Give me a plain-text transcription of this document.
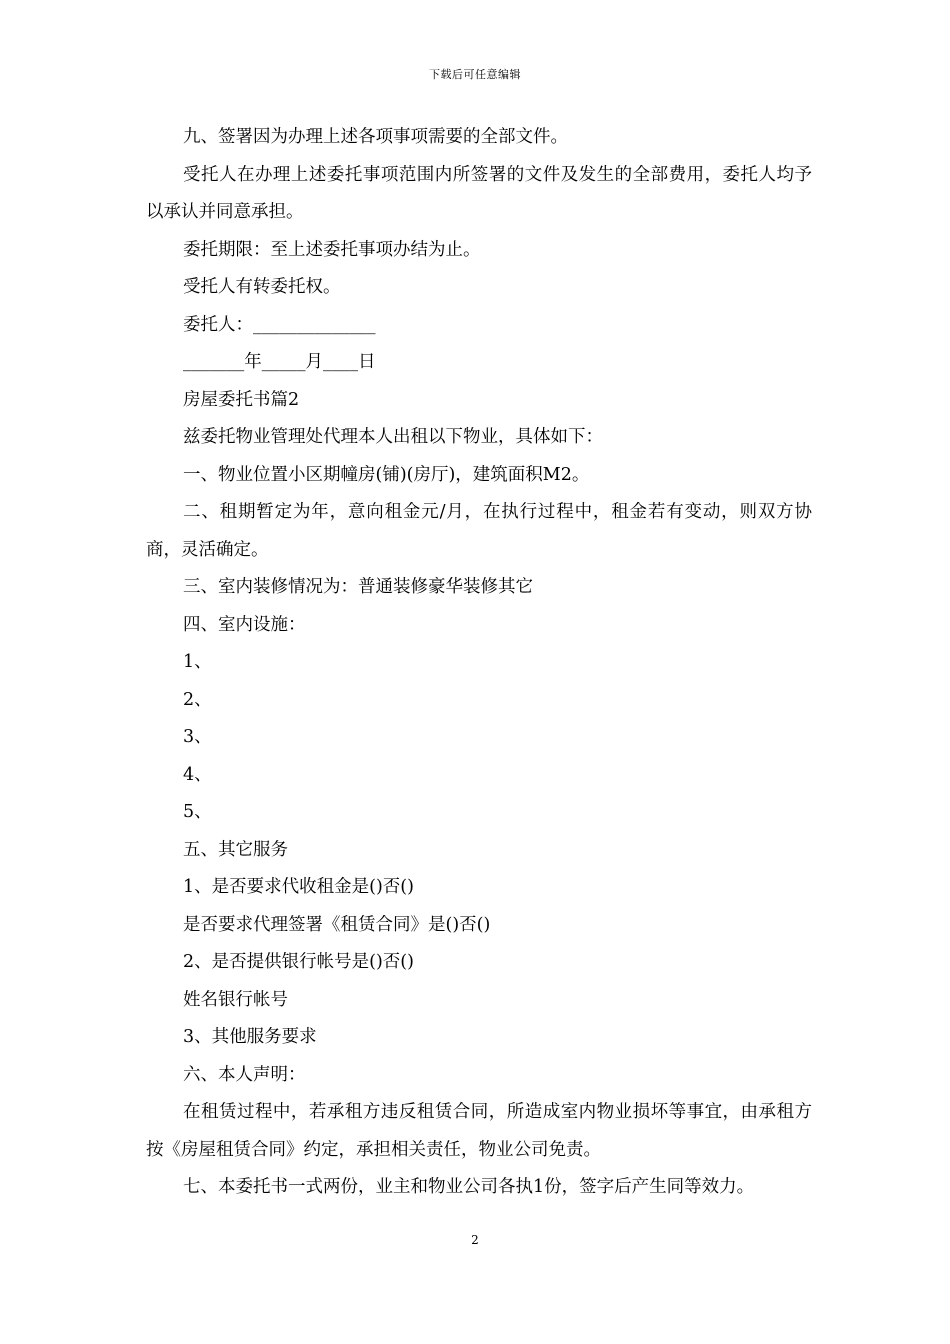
下载后可任意编辑

九、签署因为办理上述各项事项需要的全部文件。

受托人在办理上述委托事项范围内所签署的文件及发生的全部费用，委托人均予以承认并同意承担。

委托期限：至上述委托事项办结为止。

受托人有转委托权。

委托人：______________

_______年_____月____日

房屋委托书篇2

兹委托物业管理处代理本人出租以下物业，具体如下：

一、物业位置小区期幢房(铺)(房厅)，建筑面积M2。

二、租期暂定为年，意向租金元/月，在执行过程中，租金若有变动，则双方协商，灵活确定。

三、室内装修情况为：普通装修豪华装修其它

四、室内设施：

1、

2、

3、

4、

5、

五、其它服务

1、是否要求代收租金是()否()

是否要求代理签署《租赁合同》是()否()

2、是否提供银行帐号是()否()

姓名银行帐号

3、其他服务要求

六、本人声明：

在租赁过程中，若承租方违反租赁合同，所造成室内物业损坏等事宜，由承租方按《房屋租赁合同》约定，承担相关责任，物业公司免责。

七、本委托书一式两份，业主和物业公司各执1份，签字后产生同等效力。

2
